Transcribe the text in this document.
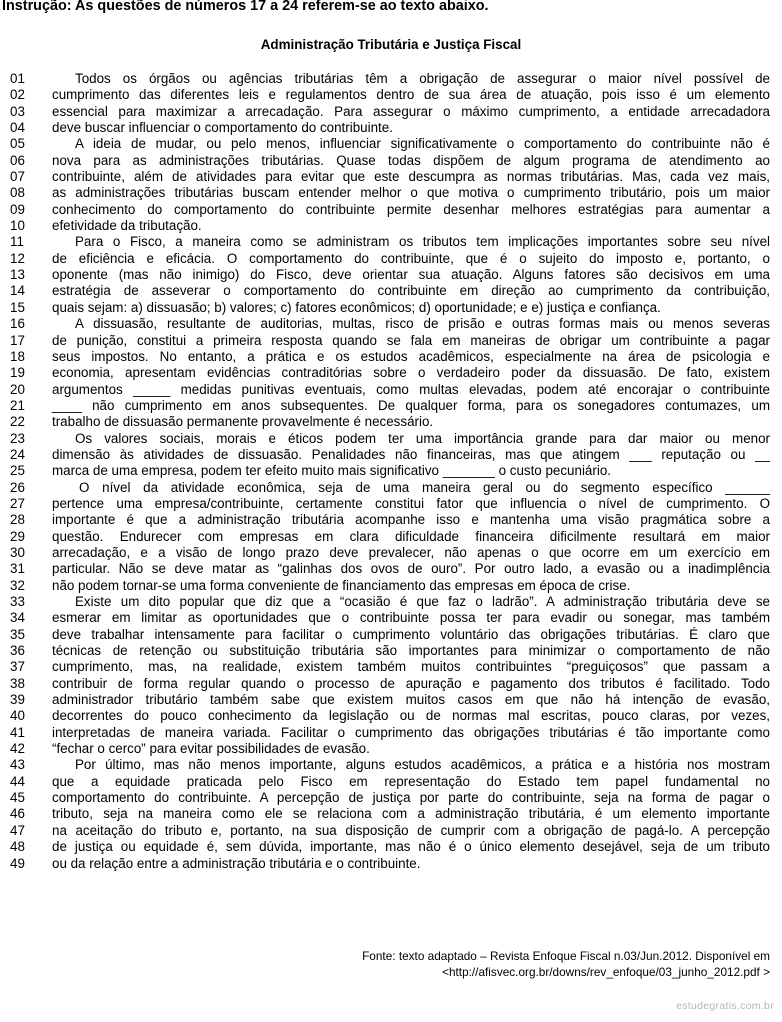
Instrução: As questões de números 17 a 24 referem-se ao texto abaixo.
Administração Tributária e Justiça Fiscal
01	Todos os órgãos ou agências tributárias têm a obrigação de assegurar o maior nível possível de
02	cumprimento das diferentes leis e regulamentos dentro de sua área de atuação, pois isso é um elemento
03	essencial para maximizar a arrecadação. Para assegurar o máximo cumprimento, a entidade arrecadadora
04	deve buscar influenciar o comportamento do contribuinte.
05	A ideia de mudar, ou pelo menos, influenciar significativamente o comportamento do contribuinte não é
06	nova para as administrações tributárias. Quase todas dispõem de algum programa de atendimento ao
07	contribuinte, além de atividades para evitar que este descumpra as normas tributárias. Mas, cada vez mais,
08	as administrações tributárias buscam entender melhor o que motiva o cumprimento tributário, pois um maior
09	conhecimento do comportamento do contribuinte permite desenhar melhores estratégias para aumentar a
10	efetividade da tributação.
11	Para o Fisco, a maneira como se administram os tributos tem implicações importantes sobre seu nível
12	de eficiência e eficácia. O comportamento do contribuinte, que é o sujeito do imposto e, portanto, o
13	oponente (mas não inimigo) do Fisco, deve orientar sua atuação. Alguns fatores são decisivos em uma
14	estratégia de asseverar o comportamento do contribuinte em direção ao cumprimento da contribuição,
15	quais sejam: a) dissuasão; b) valores; c) fatores econômicos; d) oportunidade; e e) justiça e confiança.
16	A dissuasão, resultante de auditorias, multas, risco de prisão e outras formas mais ou menos severas
17	de punição, constitui a primeira resposta quando se fala em maneiras de obrigar um contribuinte a pagar
18	seus impostos. No entanto, a prática e os estudos acadêmicos, especialmente na área de psicologia e
19	economia, apresentam evidências contraditórias sobre o verdadeiro poder da dissuasão. De fato, existem
20	argumentos _____ medidas punitivas eventuais, como multas elevadas, podem até encorajar o contribuinte
21	____ não cumprimento em anos subsequentes. De qualquer forma, para os sonegadores contumazes, um
22	trabalho de dissuasão permanente provavelmente é necessário.
23	Os valores sociais, morais e éticos podem ter uma importância grande para dar maior ou menor
24	dimensão às atividades de dissuasão. Penalidades não financeiras, mas que atingem ___ reputação ou __
25	marca de uma empresa, podem ter efeito muito mais significativo _______ o custo pecuniário.
26	O nível da atividade econômica, seja de uma maneira geral ou do segmento específico ______
27	pertence uma empresa/contribuinte, certamente constitui fator que influencia o nível de cumprimento. O
28	importante é que a administração tributária acompanhe isso e mantenha uma visão pragmática sobre a
29	questão. Endurecer com empresas em clara dificuldade financeira dificilmente resultará em maior
30	arrecadação, e a visão de longo prazo deve prevalecer, não apenas o que ocorre em um exercício em
31	particular. Não se deve matar as “galinhas dos ovos de ouro”. Por outro lado, a evasão ou a inadimplência
32	não podem tornar-se uma forma conveniente de financiamento das empresas em época de crise.
33	Existe um dito popular que diz que a “ocasião é que faz o ladrão”. A administração tributária deve se
34	esmerar em limitar as oportunidades que o contribuinte possa ter para evadir ou sonegar, mas também
35	deve trabalhar intensamente para facilitar o cumprimento voluntário das obrigações tributárias. É claro que
36	técnicas de retenção ou substituição tributária são importantes para minimizar o comportamento de não
37	cumprimento, mas, na realidade, existem também muitos contribuintes “preguiçosos” que passam a
38	contribuir de forma regular quando o processo de apuração e pagamento dos tributos é facilitado. Todo
39	administrador tributário também sabe que existem muitos casos em que não há intenção de evasão,
40	decorrentes do pouco conhecimento da legislação ou de normas mal escritas, pouco claras, por vezes,
41	interpretadas de maneira variada. Facilitar o cumprimento das obrigações tributárias é tão importante como
42	“fechar o cerco” para evitar possibilidades de evasão.
43	Por último, mas não menos importante, alguns estudos acadêmicos, a prática e a história nos mostram
44	que a equidade praticada pelo Fisco em representação do Estado tem papel fundamental no
45	comportamento do contribuinte. A percepção de justiça por parte do contribuinte, seja na forma de pagar o
46	tributo, seja na maneira como ele se relaciona com a administração tributária, é um elemento importante
47	na aceitação do tributo e, portanto, na sua disposição de cumprir com a obrigação de pagá-lo. A percepção
48	de justiça ou equidade é, sem dúvida, importante, mas não é o único elemento desejável, seja de um tributo
49	ou da relação entre a administração tributária e o contribuinte.
Fonte: texto adaptado – Revista Enfoque Fiscal n.03/Jun.2012. Disponível em
<http://afisvec.org.br/downs/rev_enfoque/03_junho_2012.pdf >
estudegratis.com.br
